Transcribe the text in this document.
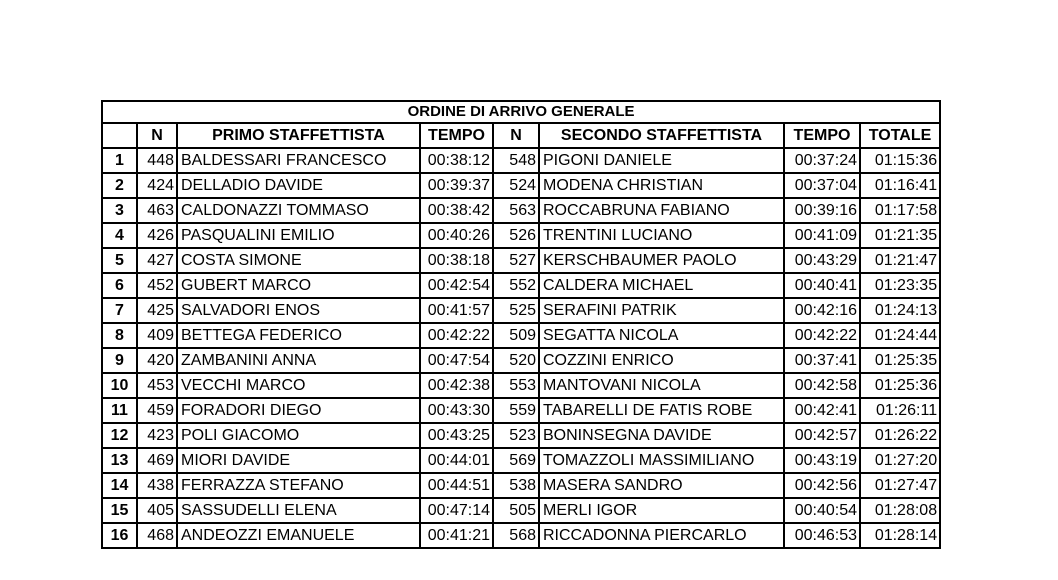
ORDINE DI ARRIVO GENERALE							
	N	PRIMO STAFFETTISTA	TEMPO	N	SECONDO STAFFETTISTA	TEMPO	TOTALE
1	448	BALDESSARI FRANCESCO	00:38:12	548	PIGONI DANIELE	00:37:24	01:15:36
2	424	DELLADIO DAVIDE	00:39:37	524	MODENA CHRISTIAN	00:37:04	01:16:41
3	463	CALDONAZZI TOMMASO	00:38:42	563	ROCCABRUNA FABIANO	00:39:16	01:17:58
4	426	PASQUALINI EMILIO	00:40:26	526	TRENTINI LUCIANO	00:41:09	01:21:35
5	427	COSTA SIMONE	00:38:18	527	KERSCHBAUMER PAOLO	00:43:29	01:21:47
6	452	GUBERT MARCO	00:42:54	552	CALDERA MICHAEL	00:40:41	01:23:35
7	425	SALVADORI ENOS	00:41:57	525	SERAFINI PATRIK	00:42:16	01:24:13
8	409	BETTEGA FEDERICO	00:42:22	509	SEGATTA NICOLA	00:42:22	01:24:44
9	420	ZAMBANINI ANNA	00:47:54	520	COZZINI ENRICO	00:37:41	01:25:35
10	453	VECCHI MARCO	00:42:38	553	MANTOVANI NICOLA	00:42:58	01:25:36
11	459	FORADORI DIEGO	00:43:30	559	TABARELLI DE FATIS ROBE	00:42:41	01:26:11
12	423	POLI GIACOMO	00:43:25	523	BONINSEGNA DAVIDE	00:42:57	01:26:22
13	469	MIORI DAVIDE	00:44:01	569	TOMAZZOLI MASSIMILIANO	00:43:19	01:27:20
14	438	FERRAZZA STEFANO	00:44:51	538	MASERA SANDRO	00:42:56	01:27:47
15	405	SASSUDELLI ELENA	00:47:14	505	MERLI IGOR	00:40:54	01:28:08
16	468	ANDEOZZI EMANUELE	00:41:21	568	RICCADONNA PIERCARLO	00:46:53	01:28:14
